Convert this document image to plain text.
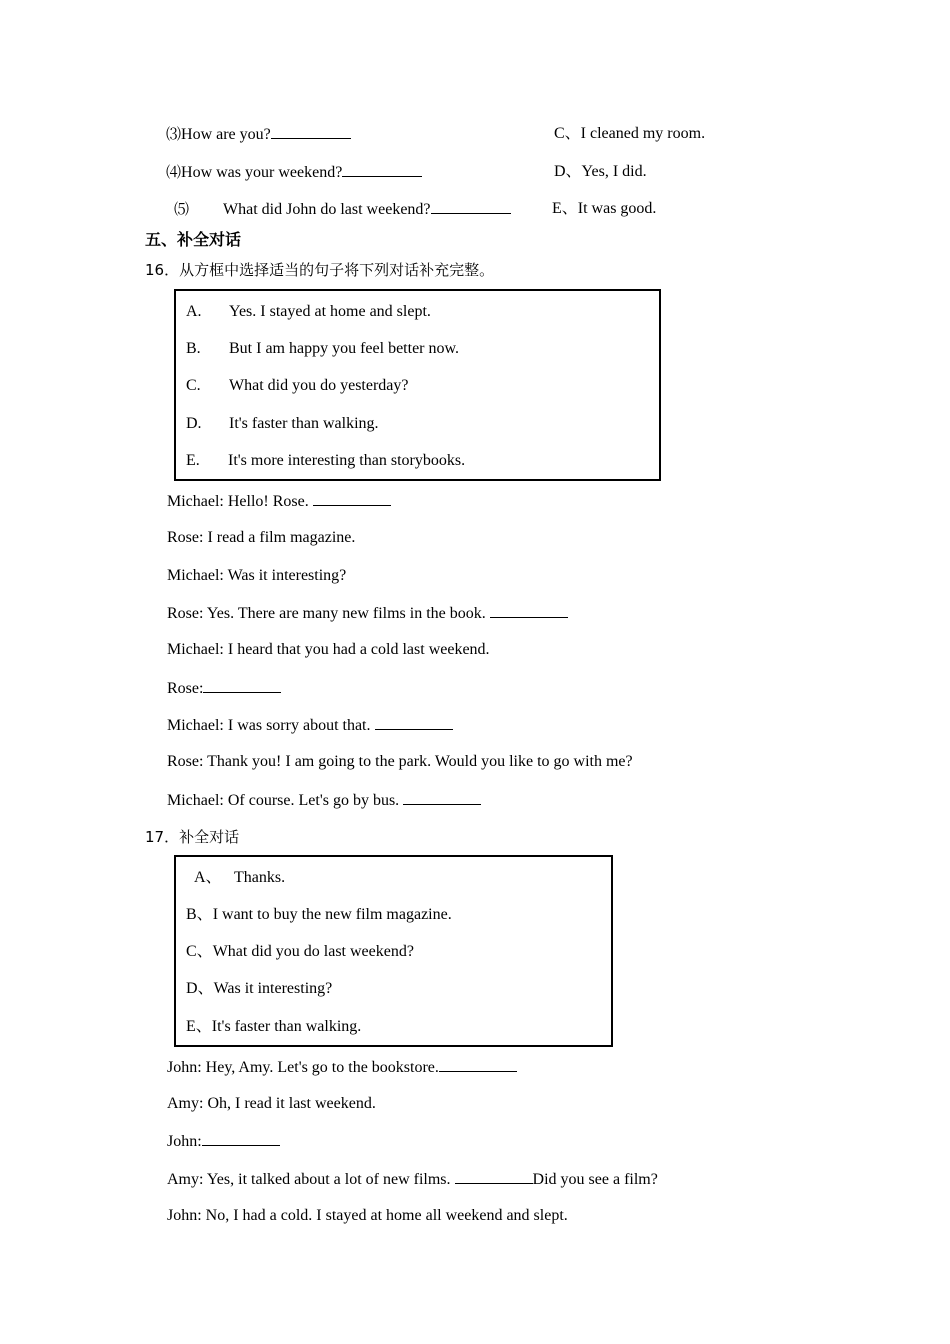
⑶How are you?	C、I cleaned my room.
⑷How was your weekend?	D、Yes, I did.
⑸ What did John do last weekend?	E、It was good.
五、补全对话
16．从方框中选择适当的句子将下列对话补充完整。
A. Yes. I stayed at home and slept.
B. But I am happy you feel better now.
C. What did you do yesterday?
D. It's faster than walking.
E. It's more interesting than storybooks.
Michael: Hello! Rose.
Rose: I read a film magazine.
Michael: Was it interesting?
Rose: Yes. There are many new films in the book.
Michael: I heard that you had a cold last weekend.
Rose:
Michael: I was sorry about that.
Rose: Thank you! I am going to the park. Would you like to go with me?
Michael: Of course. Let's go by bus.
17．补全对话
A、 Thanks.
B、I want to buy the new film magazine.
C、What did you do last weekend?
D、Was it interesting?
E、It's faster than walking.
John: Hey, Amy. Let's go to the bookstore.
Amy: Oh, I read it last weekend.
John:
Amy: Yes, it talked about a lot of new films.	Did you see a film?
John: No, I had a cold. I stayed at home all weekend and slept.
